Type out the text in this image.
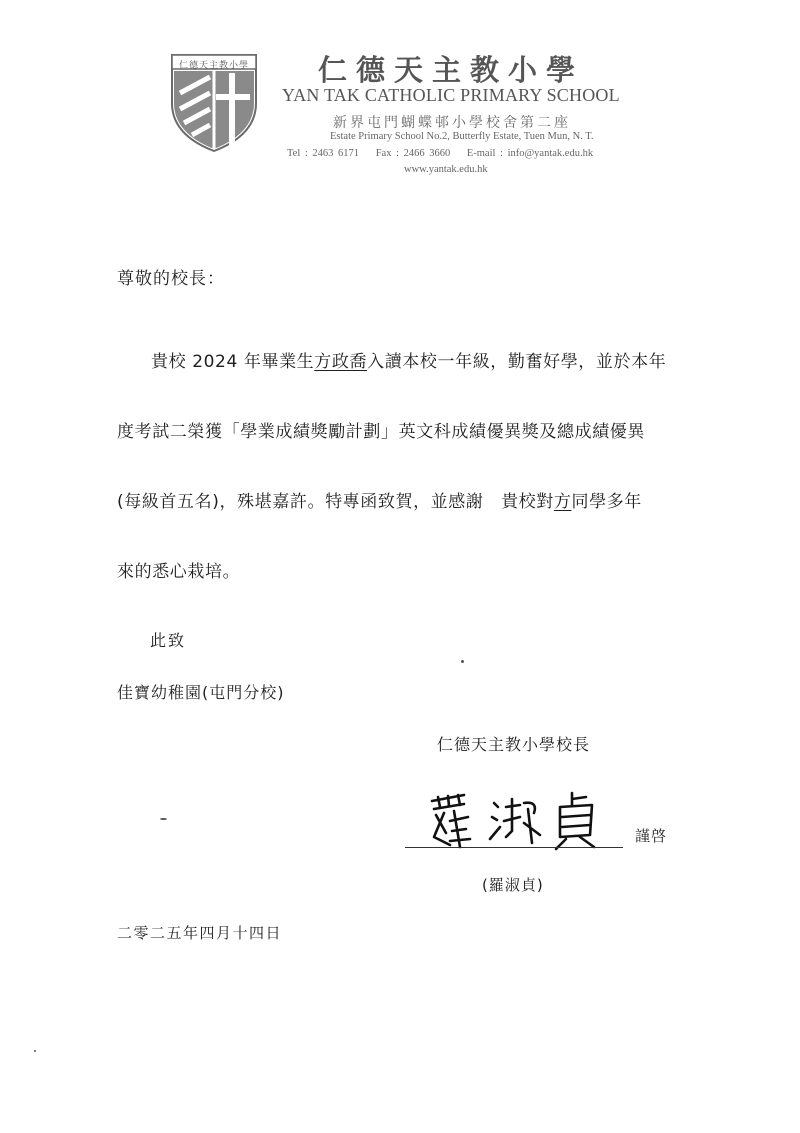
仁德天主教小學 仁德天主教小學
YAN TAK CATHOLIC PRIMARY SCHOOL
新界屯門蝴蝶邨小學校舍第二座
Estate Primary School No.2, Butterfly Estate, Tuen Mun, N. T.
Tel : 2463 6171 Fax : 2466 3660 E-mail : info@yantak.edu.hk
www.yantak.edu.hk
尊敬的校長：

貴校 2024 年畢業生方政喬入讀本校一年級，勤奮好學，並於本年

度考試二榮獲「學業成績獎勵計劃」英文科成績優異獎及總成績優異

(每級首五名)，殊堪嘉許。特專函致賀，並感謝　貴校對方同學多年

來的悉心栽培。

此致
佳寶幼稚園(屯門分校)
仁德天主教小學校長
謹啓
(羅淑貞)
二零二五年四月十四日
